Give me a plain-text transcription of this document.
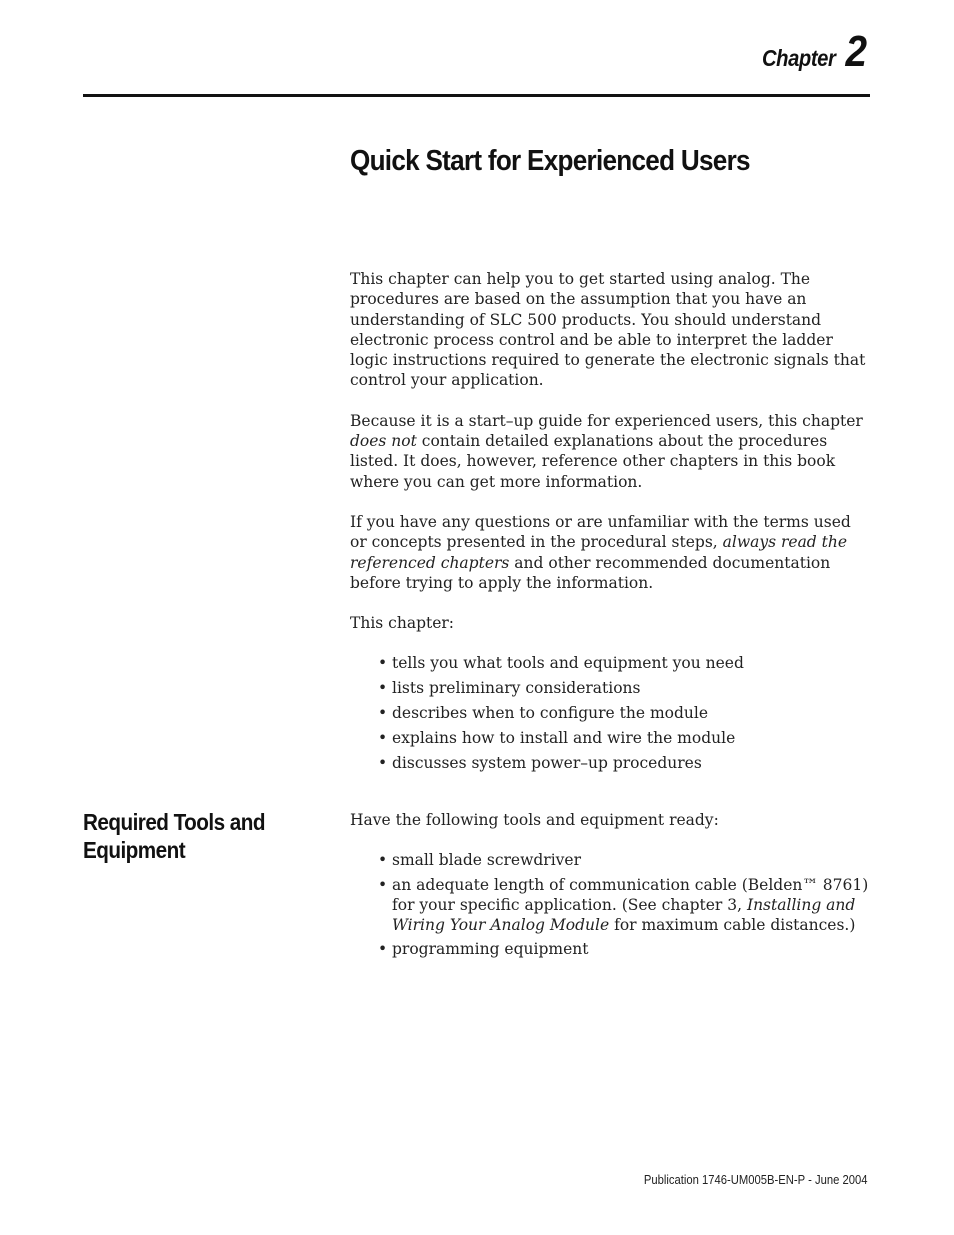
Chapter 2
Quick Start for Experienced Users

This chapter can help you to get started using analog. The procedures are based on the assumption that you have an understanding of SLC 500 products. You should understand electronic process control and be able to interpret the ladder logic instructions required to generate the electronic signals that control your application.

Because it is a start–up guide for experienced users, this chapter does not contain detailed explanations about the procedures listed. It does, however, reference other chapters in this book where you can get more information.

If you have any questions or are unfamiliar with the terms used or concepts presented in the procedural steps, always read the referenced chapters and other recommended documentation before trying to apply the information.

This chapter:

• tells you what tools and equipment you need
• lists preliminary considerations
• describes when to configure the module
• explains how to install and wire the module
• discusses system power–up procedures
Required Tools and Equipment

Have the following tools and equipment ready:

• small blade screwdriver
• an adequate length of communication cable (Belden™ 8761) for your specific application. (See chapter 3, Installing and Wiring Your Analog Module for maximum cable distances.)
• programming equipment
Publication 1746-UM005B-EN-P - June 2004
